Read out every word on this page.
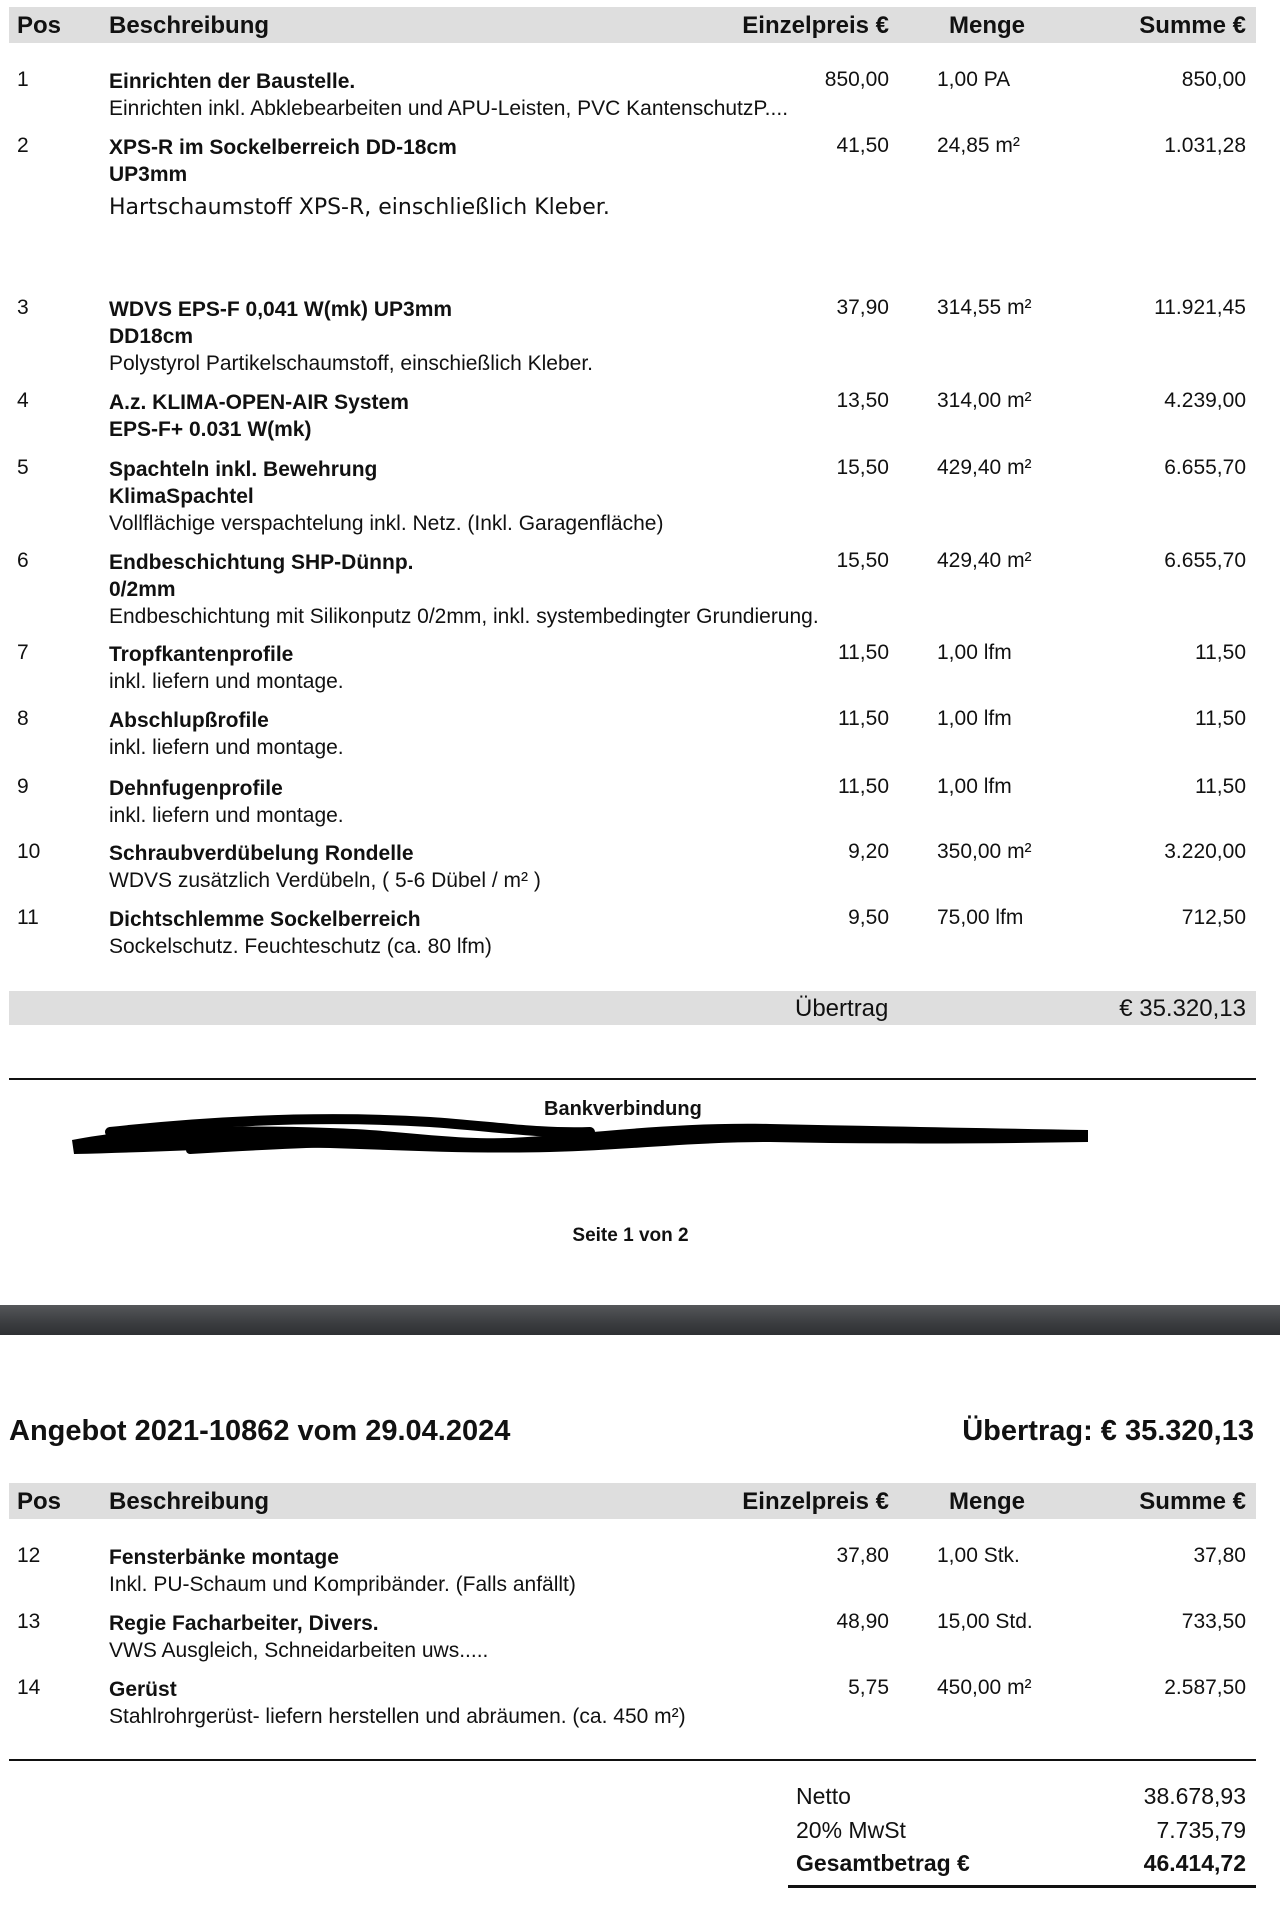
Pos Beschreibung	Einzelpreis €	Menge	Summe €
1	Einrichten der Baustelle.
Einrichten inkl. Abklebearbeiten und APU-Leisten, PVC KantenschutzP....
850,00 1,00 PA	850,00
2	XPS-R im Sockelberreich DD-18cm
UP3mm
Hartschaumstoff XPS-R, einschließlich Kleber.
41,50 24,85 m²	1.031,28
3	WDVS EPS-F 0,041 W(mk) UP3mm
DD18cm
Polystyrol Partikelschaumstoff, einschießlich Kleber.
37,90 314,55 m²	11.921,45
4	A.z. KLIMA-OPEN-AIR System
EPS-F+ 0.031 W(mk)
13,50 314,00 m²	4.239,00
5	Spachteln inkl. Bewehrung
KlimaSpachtel
Vollflächige verspachtelung inkl. Netz. (Inkl. Garagenfläche)
15,50 429,40 m²	6.655,70
6	Endbeschichtung SHP-Dünnp.
0/2mm
Endbeschichtung mit Silikonputz 0/2mm, inkl. systembedingter Grundierung.
15,50 429,40 m²	6.655,70
7	Tropfkantenprofile
inkl. liefern und montage.
11,50 1,00 lfm	11,50
8	Abschlupßrofile
inkl. liefern und montage.
11,50 1,00 lfm	11,50
9	Dehnfugenprofile
inkl. liefern und montage.
11,50 1,00 lfm	11,50
10	Schraubverdübelung Rondelle
WDVS zusätzlich Verdübeln, ( 5-6 Dübel / m² )
9,20 350,00 m²	3.220,00
11	Dichtschlemme Sockelberreich
Sockelschutz. Feuchteschutz (ca. 80 lfm)
9,50 75,00 lfm	712,50
Übertrag	€ 35.320,13
Bankverbindung
Seite 1 von 2
Angebot 2021-10862 vom 29.04.2024	Übertrag: € 35.320,13
Pos Beschreibung	Einzelpreis €	Menge	Summe €
12	Fensterbänke montage
Inkl. PU-Schaum und Kompribänder. (Falls anfällt)
37,80 1,00 Stk.	37,80
13	Regie Facharbeiter, Divers.
VWS Ausgleich, Schneidarbeiten uws.....
48,90 15,00 Std.	733,50
14	Gerüst
Stahlrohrgerüst- liefern herstellen und abräumen. (ca. 450 m²)
5,75 450,00 m²	2.587,50
Netto	38.678,93
20% MwSt	7.735,79
Gesamtbetrag €	46.414,72
